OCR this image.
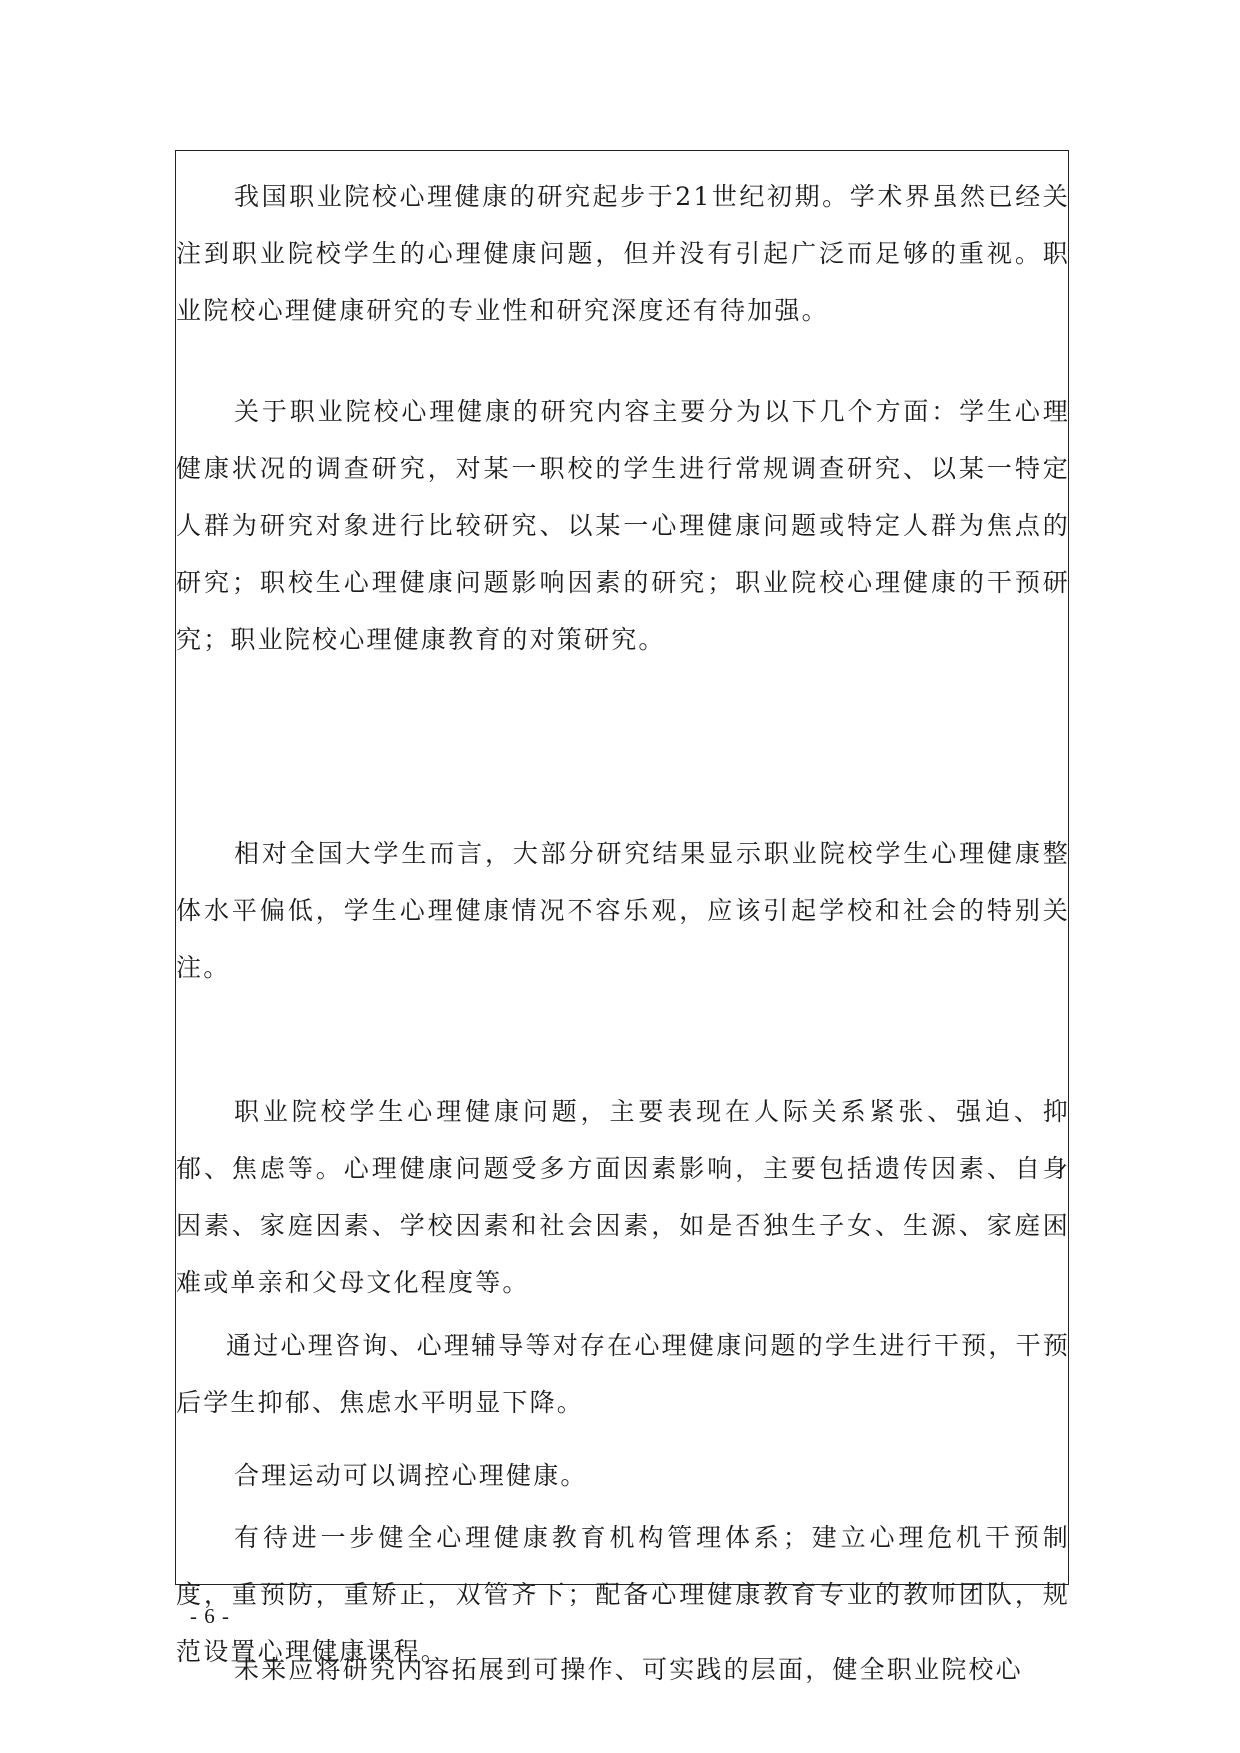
我国职业院校心理健康的研究起步于21世纪初期。学术界虽然已经关注到职业院校学生的心理健康问题，但并没有引起广泛而足够的重视。职业院校心理健康研究的专业性和研究深度还有待加强。

关于职业院校心理健康的研究内容主要分为以下几个方面：学生心理健康状况的调查研究，对某一职校的学生进行常规调查研究、以某一特定人群为研究对象进行比较研究、以某一心理健康问题或特定人群为焦点的研究；职校生心理健康问题影响因素的研究；职业院校心理健康的干预研究；职业院校心理健康教育的对策研究。

相对全国大学生而言，大部分研究结果显示职业院校学生心理健康整体水平偏低，学生心理健康情况不容乐观，应该引起学校和社会的特别关注。

职业院校学生心理健康问题，主要表现在人际关系紧张、强迫、抑郁、焦虑等。心理健康问题受多方面因素影响，主要包括遗传因素、自身因素、家庭因素、学校因素和社会因素，如是否独生子女、生源、家庭困难或单亲和父母文化程度等。

通过心理咨询、心理辅导等对存在心理健康问题的学生进行干预，干预后学生抑郁、焦虑水平明显下降。

合理运动可以调控心理健康。

有待进一步健全心理健康教育机构管理体系；建立心理危机干预制度，重预防，重矫正，双管齐下；配备心理健康教育专业的教师团队，规范设置心理健康课程。

未来应将研究内容拓展到可操作、可实践的层面，健全职业院校心

- 6 -
